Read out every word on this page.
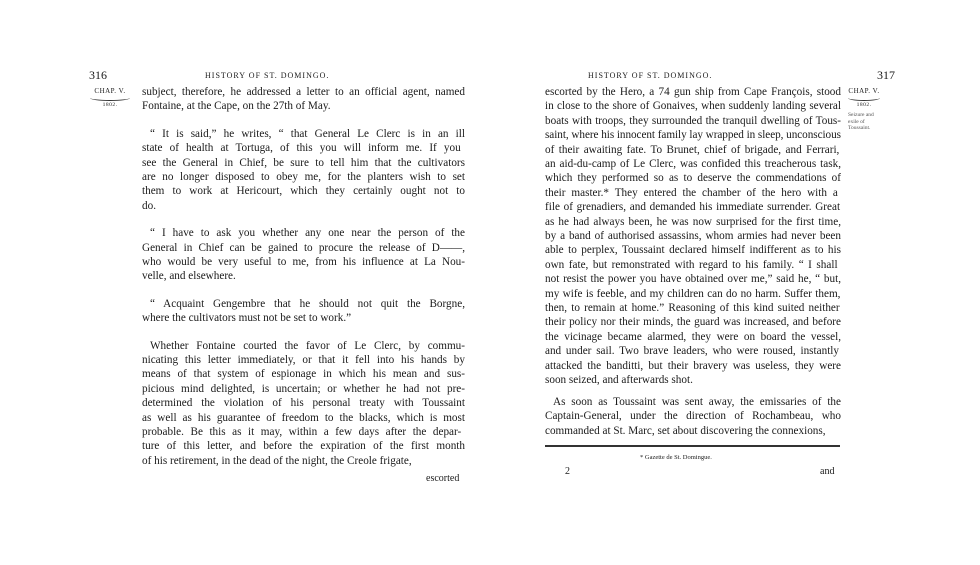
316	HISTORY OF ST. DOMINGO.
CHAP. V.
1802.
subject, therefore, he addressed a letter to an official agent, named
Fontaine, at the Cape, on the 27th of May.
“ It is said,” he writes, “ that General Le Clerc is in an ill
state of health at Tortuga, of this you will inform me. If you
see the General in Chief, be sure to tell him that the cultivators
are no longer disposed to obey me, for the planters wish to set
them to work at Hericourt, which they certainly ought not to
do.
“ I have to ask you whether any one near the person of the
General in Chief can be gained to procure the release of D——,
who would be very useful to me, from his influence at La Nou-
velle, and elsewhere.
“ Acquaint Gengembre that he should not quit the Borgne,
where the cultivators must not be set to work.”
Whether Fontaine courted the favor of Le Clerc, by commu-
nicating this letter immediately, or that it fell into his hands by
means of that system of espionage in which his mean and sus-
picious mind delighted, is uncertain; or whether he had not pre-
determined the violation of his personal treaty with Toussaint
as well as his guarantee of freedom to the blacks, which is most
probable. Be this as it may, within a few days after the depar-
ture of this letter, and before the expiration of the first month
of his retirement, in the dead of the night, the Creole frigate,
escorted
HISTORY OF ST. DOMINGO.	317
CHAP. V.
1802.
Seizure and
exile of
Toussaint.
escorted by the Hero, a 74 gun ship from Cape François, stood
in close to the shore of Gonaives, when suddenly landing several
boats with troops, they surrounded the tranquil dwelling of Tous-
saint, where his innocent family lay wrapped in sleep, unconscious
of their awaiting fate. To Brunet, chief of brigade, and Ferrari,
an aid-du-camp of Le Clerc, was confided this treacherous task,
which they performed so as to deserve the commendations of
their master.* They entered the chamber of the hero with a
file of grenadiers, and demanded his immediate surrender. Great
as he had always been, he was now surprised for the first time,
by a band of authorised assassins, whom armies had never been
able to perplex, Toussaint declared himself indifferent as to his
own fate, but remonstrated with regard to his family. “ I shall
not resist the power you have obtained over me,” said he, “ but,
my wife is feeble, and my children can do no harm. Suffer them,
then, to remain at home.” Reasoning of this kind suited neither
their policy nor their minds, the guard was increased, and before
the vicinage became alarmed, they were on board the vessel,
and under sail. Two brave leaders, who were roused, instantly
attacked the banditti, but their bravery was useless, they were
soon seized, and afterwards shot.
As soon as Toussaint was sent away, the emissaries of the
Captain-General, under the direction of Rochambeau, who
commanded at St. Marc, set about discovering the connexions,
* Gazette de St. Domingue.
2	and
